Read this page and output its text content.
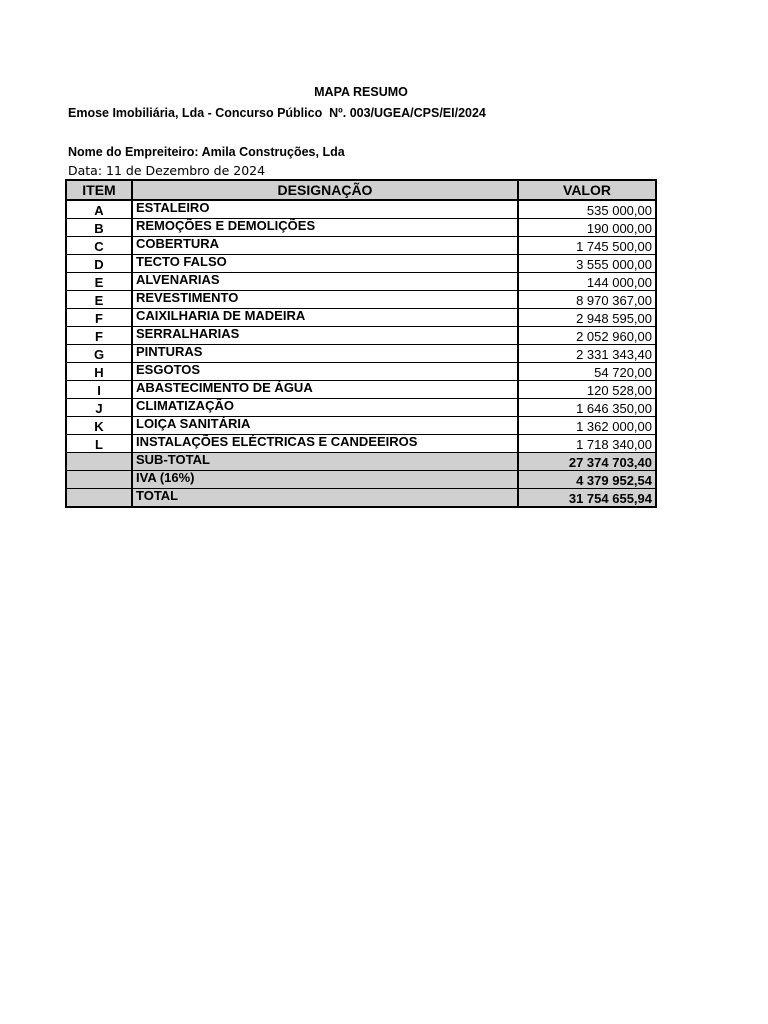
MAPA RESUMO
Emose Imobiliária, Lda - Concurso Público  Nº. 003/UGEA/CPS/EI/2024
Nome do Empreiteiro: Amila Construções, Lda
Data: 11 de Dezembro de 2024
ITEM	DESIGNAÇÃO	VALOR
A	ESTALEIRO	535 000,00
B	REMOÇÕES E DEMOLIÇÕES	190 000,00
C	COBERTURA	1 745 500,00
D	TECTO FALSO	3 555 000,00
E	ALVENARIAS	144 000,00
E	REVESTIMENTO	8 970 367,00
F	CAIXILHARIA DE MADEIRA	2 948 595,00
F	SERRALHARIAS	2 052 960,00
G	PINTURAS	2 331 343,40
H	ESGOTOS	54 720,00
I	ABASTECIMENTO DE ÁGUA	120 528,00
J	CLIMATIZAÇÃO	1 646 350,00
K	LOIÇA SANITÁRIA	1 362 000,00
L	INSTALAÇÕES ELÉCTRICAS E CANDEEIROS	1 718 340,00
	SUB-TOTAL	27 374 703,40
	IVA (16%)	4 379 952,54
	TOTAL	31 754 655,94
